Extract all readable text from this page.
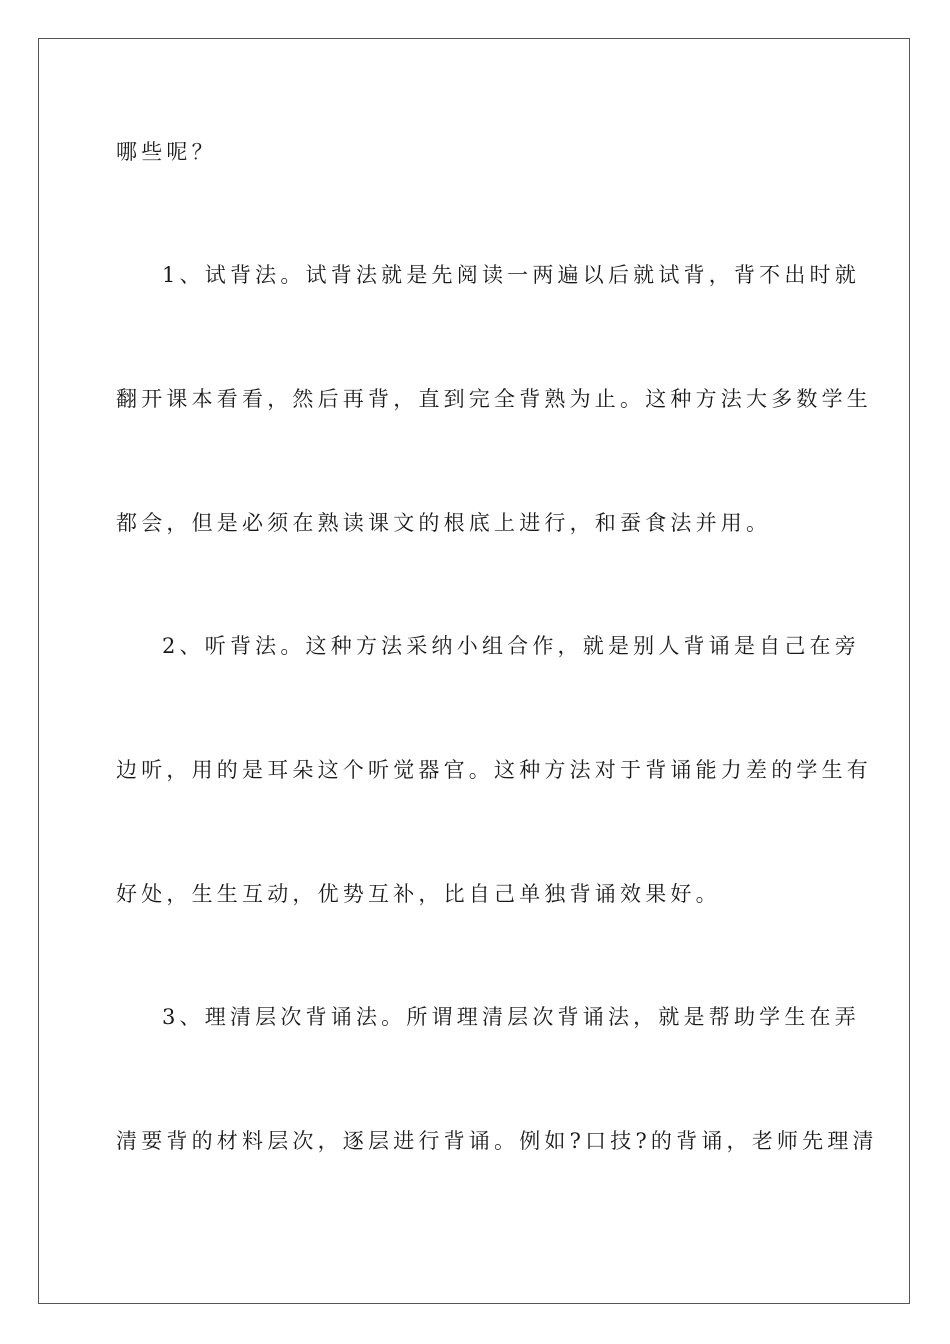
哪些呢？
1、试背法。试背法就是先阅读一两遍以后就试背，背不出时就
翻开课本看看，然后再背，直到完全背熟为止。这种方法大多数学生
都会，但是必须在熟读课文的根底上进行，和蚕食法并用。
2、听背法。这种方法采纳小组合作，就是别人背诵是自己在旁
边听，用的是耳朵这个听觉器官。这种方法对于背诵能力差的学生有
好处，生生互动，优势互补，比自己单独背诵效果好。
3、理清层次背诵法。所谓理清层次背诵法，就是帮助学生在弄
清要背的材料层次，逐层进行背诵。例如?口技?的背诵，老师先理清
